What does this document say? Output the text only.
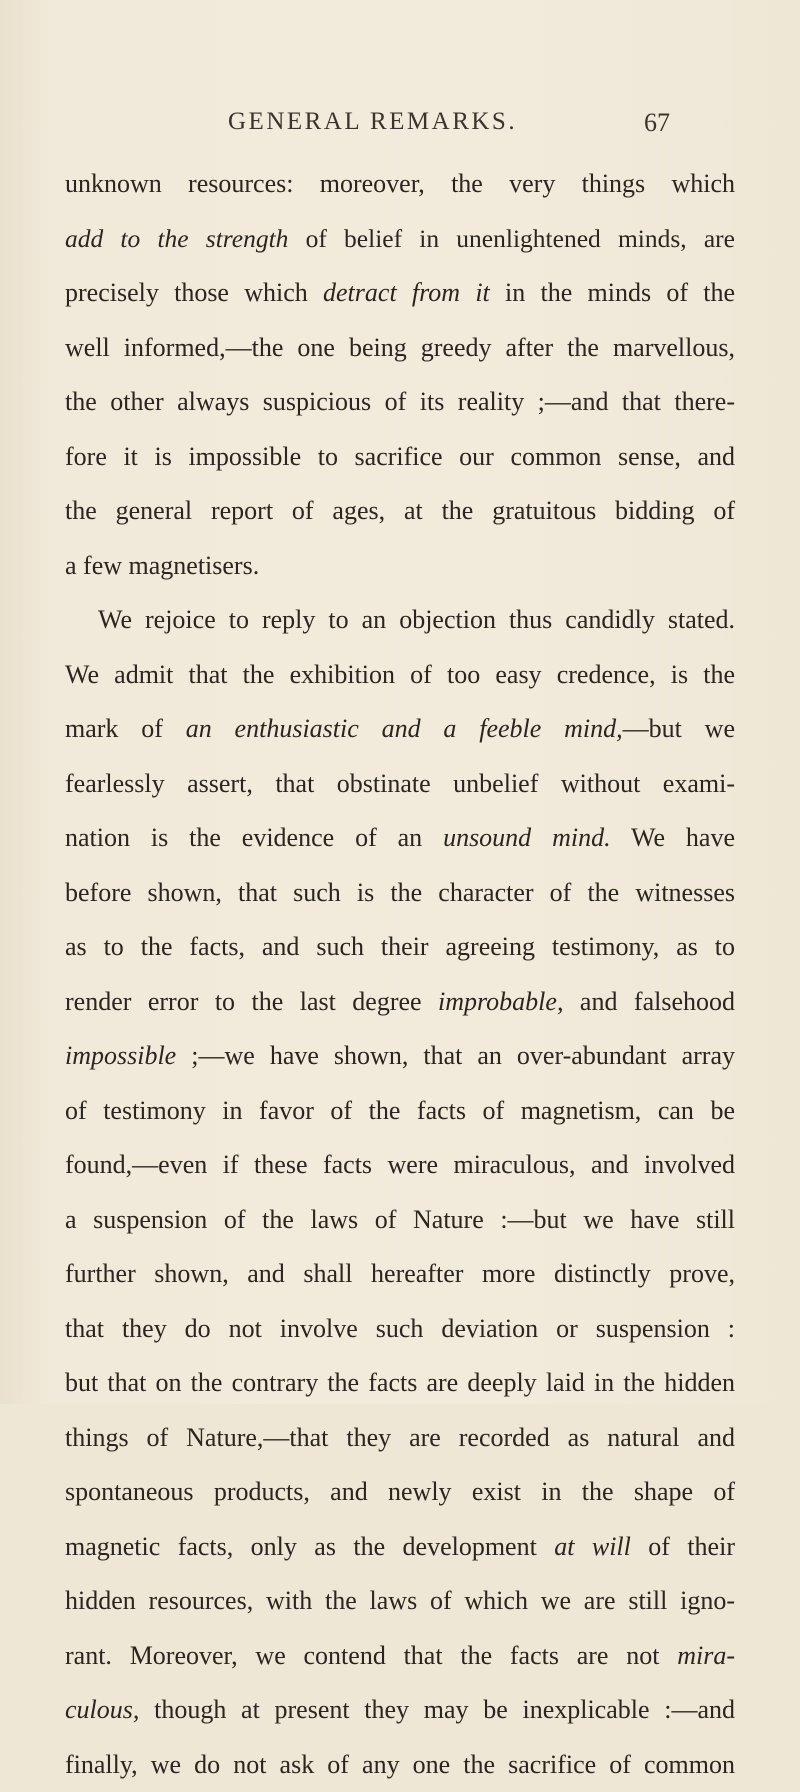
GENERAL REMARKS.	67
unknown resources: moreover, the very things which
add to the strength of belief in unenlightened minds, are
precisely those which detract from it in the minds of the
well informed,—the one being greedy after the marvellous,
the other always suspicious of its reality ;—and that there-
fore it is impossible to sacrifice our common sense, and
the general report of ages, at the gratuitous bidding of
a few magnetisers.
We rejoice to reply to an objection thus candidly stated.
We admit that the exhibition of too easy credence, is the
mark of an enthusiastic and a feeble mind,—but we
fearlessly assert, that obstinate unbelief without exami-
nation is the evidence of an unsound mind. We have
before shown, that such is the character of the witnesses
as to the facts, and such their agreeing testimony, as to
render error to the last degree improbable, and falsehood
impossible ;—we have shown, that an over-abundant array
of testimony in favor of the facts of magnetism, can be
found,—even if these facts were miraculous, and involved
a suspension of the laws of Nature :—but we have still
further shown, and shall hereafter more distinctly prove,
that they do not involve such deviation or suspension :
but that on the contrary the facts are deeply laid in the hidden
things of Nature,—that they are recorded as natural and
spontaneous products, and newly exist in the shape of
magnetic facts, only as the development at will of their
hidden resources, with the laws of which we are still igno-
rant. Moreover, we contend that the facts are not mira-
culous, though at present they may be inexplicable :—and
finally, we do not ask of any one the sacrifice of common
